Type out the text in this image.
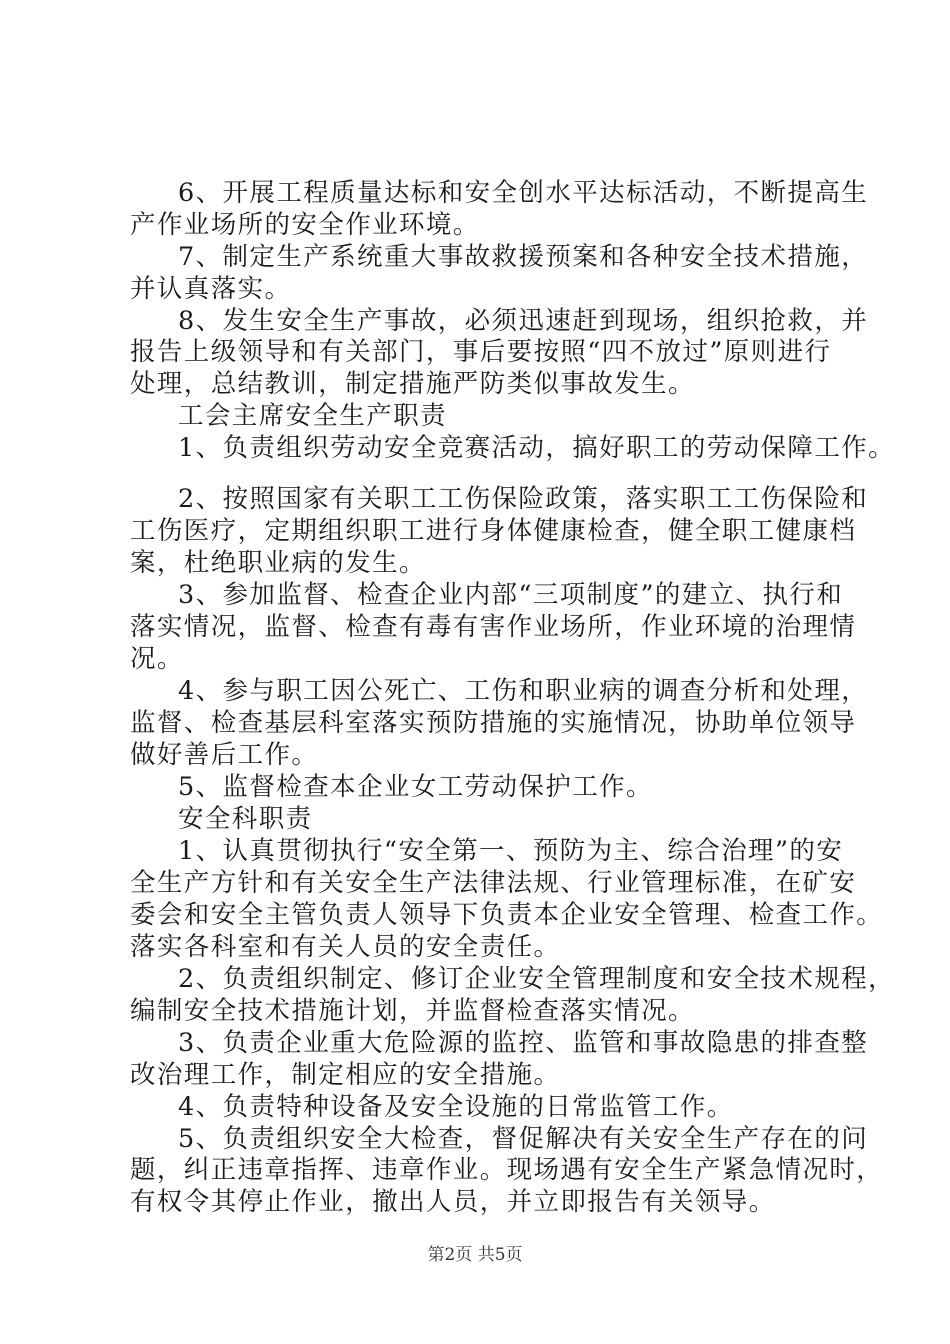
6、开展工程质量达标和安全创水平达标活动，不断提高生
产作业场所的安全作业环境。
7、制定生产系统重大事故救援预案和各种安全技术措施，
并认真落实。
8、发生安全生产事故，必须迅速赶到现场，组织抢救，并
报告上级领导和有关部门，事后要按照“四不放过”原则进行
处理，总结教训，制定措施严防类似事故发生。
工会主席安全生产职责
1、负责组织劳动安全竞赛活动，搞好职工的劳动保障工作。
2、按照国家有关职工工伤保险政策，落实职工工伤保险和
工伤医疗，定期组织职工进行身体健康检查，健全职工健康档
案，杜绝职业病的发生。
3、参加监督、检查企业内部“三项制度”的建立、执行和
落实情况，监督、检查有毒有害作业场所，作业环境的治理情
况。
4、参与职工因公死亡、工伤和职业病的调查分析和处理，
监督、检查基层科室落实预防措施的实施情况，协助单位领导
做好善后工作。
5、监督检查本企业女工劳动保护工作。
安全科职责
1、认真贯彻执行“安全第一、预防为主、综合治理”的安
全生产方针和有关安全生产法律法规、行业管理标准，在矿安
委会和安全主管负责人领导下负责本企业安全管理、检查工作。
落实各科室和有关人员的安全责任。
2、负责组织制定、修订企业安全管理制度和安全技术规程，
编制安全技术措施计划，并监督检查落实情况。
3、负责企业重大危险源的监控、监管和事故隐患的排查整
改治理工作，制定相应的安全措施。
4、负责特种设备及安全设施的日常监管工作。
5、负责组织安全大检查，督促解决有关安全生产存在的问
题，纠正违章指挥、违章作业。现场遇有安全生产紧急情况时，
有权令其停止作业，撤出人员，并立即报告有关领导。
第2页 共5页
